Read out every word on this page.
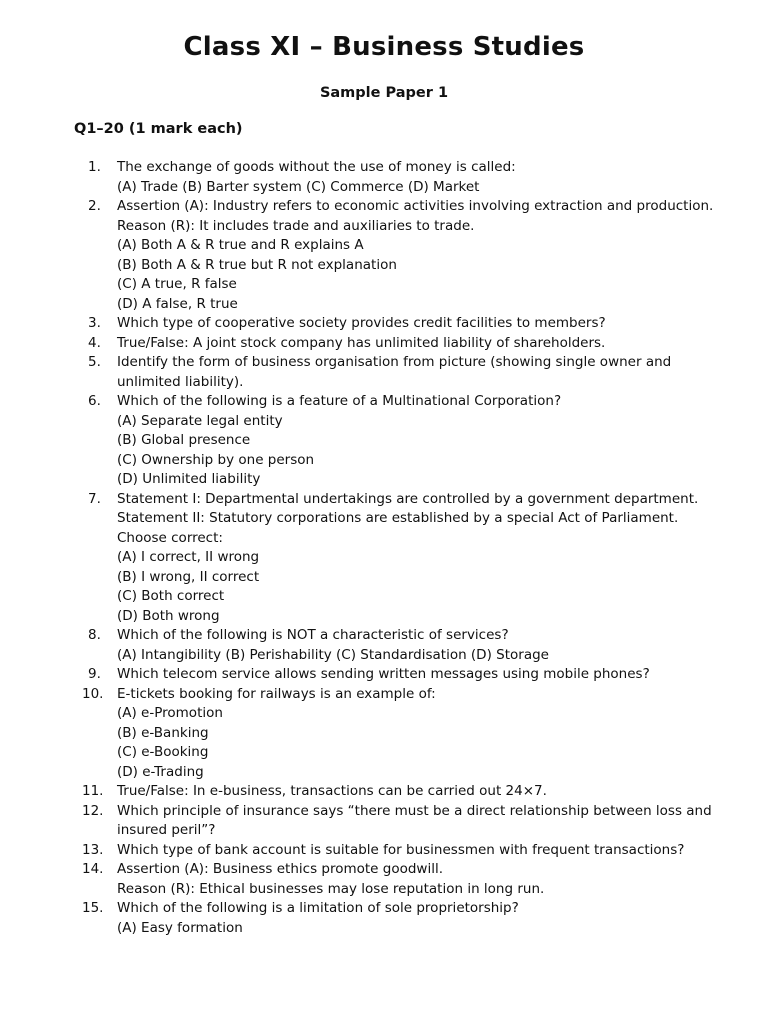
Class XI – Business Studies
Sample Paper 1
Q1–20 (1 mark each)
1.	The exchange of goods without the use of money is called:
(A) Trade (B) Barter system (C) Commerce (D) Market
2.	Assertion (A): Industry refers to economic activities involving extraction and production.
Reason (R): It includes trade and auxiliaries to trade.
(A) Both A & R true and R explains A
(B) Both A & R true but R not explanation
(C) A true, R false
(D) A false, R true
3.	Which type of cooperative society provides credit facilities to members?
4.	True/False: A joint stock company has unlimited liability of shareholders.
5.	Identify the form of business organisation from picture (showing single owner and
unlimited liability).
6.	Which of the following is a feature of a Multinational Corporation?
(A) Separate legal entity
(B) Global presence
(C) Ownership by one person
(D) Unlimited liability
7.	Statement I: Departmental undertakings are controlled by a government department.
Statement II: Statutory corporations are established by a special Act of Parliament.
Choose correct:
(A) I correct, II wrong
(B) I wrong, II correct
(C) Both correct
(D) Both wrong
8.	Which of the following is NOT a characteristic of services?
(A) Intangibility (B) Perishability (C) Standardisation (D) Storage
9.	Which telecom service allows sending written messages using mobile phones?
10.	E-tickets booking for railways is an example of:
(A) e-Promotion
(B) e-Banking
(C) e-Booking
(D) e-Trading
11.	True/False: In e-business, transactions can be carried out 24×7.
12.	Which principle of insurance says “there must be a direct relationship between loss and
insured peril”?
13.	Which type of bank account is suitable for businessmen with frequent transactions?
14.	Assertion (A): Business ethics promote goodwill.
Reason (R): Ethical businesses may lose reputation in long run.
15.	Which of the following is a limitation of sole proprietorship?
(A) Easy formation
